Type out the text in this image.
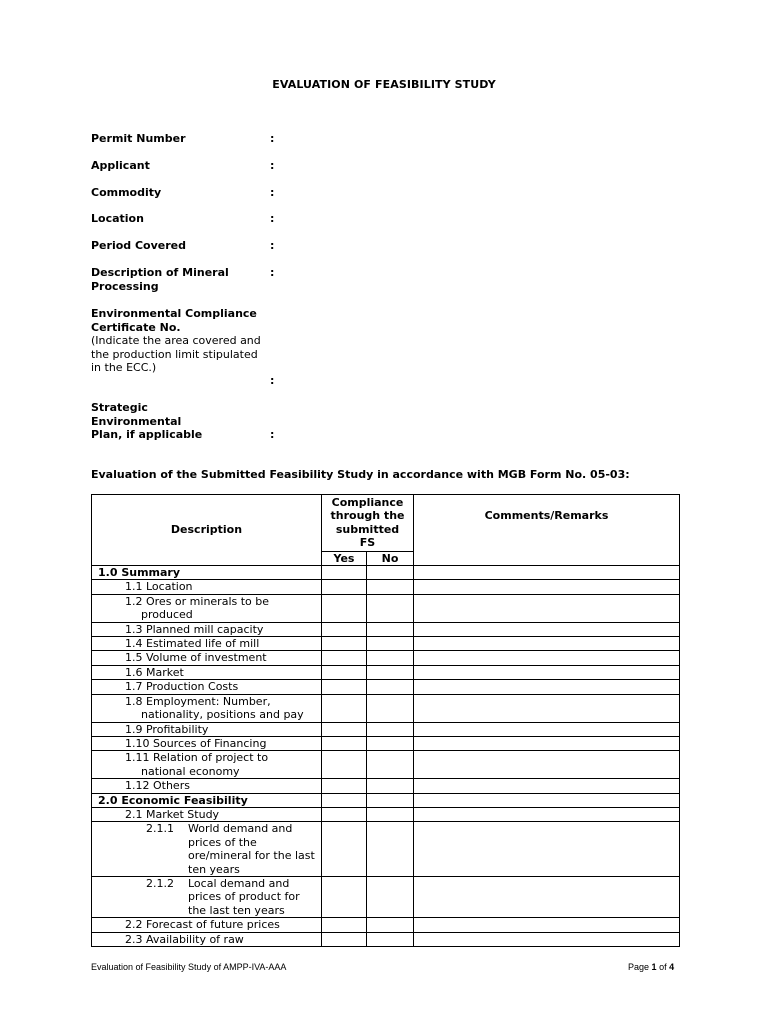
EVALUATION OF FEASIBILITY STUDY
Permit Number	:
Applicant	:
Commodity	:
Location	:
Period Covered	:
Description of Mineral Processing
:
Environmental Compliance Certificate No.
(Indicate the area covered and the production limit stipulated in the ECC.)
:
Strategic Environmental Plan, if applicable	:
Evaluation of the Submitted Feasibility Study in accordance with MGB Form No. 05-03:
Description	Compliance through the submitted FS		Comments/Remarks
	Yes	No	
1.0 Summary			

1.1 Location			

1.2 Ores or minerals to be
produced			

1.3 Planned mill capacity			

1.4 Estimated life of mill			

1.5 Volume of investment			

1.6 Market			

1.7 Production Costs			

1.8 Employment: Number,
nationality, positions and pay			

1.9 Profitability			

1.10 Sources of Financing			

1.11 Relation of project to
national economy			

1.12 Others			

2.0 Economic Feasibility			

2.1 Market Study			

2.1.1 World demand and prices of the ore/mineral for the last ten years			

2.1.2 Local demand and prices of product for the last ten years			

2.2 Forecast of future prices			

2.3 Availability of raw			

Evaluation of Feasibility Study of AMPP-IVA-AAA	Page 1 of 4
